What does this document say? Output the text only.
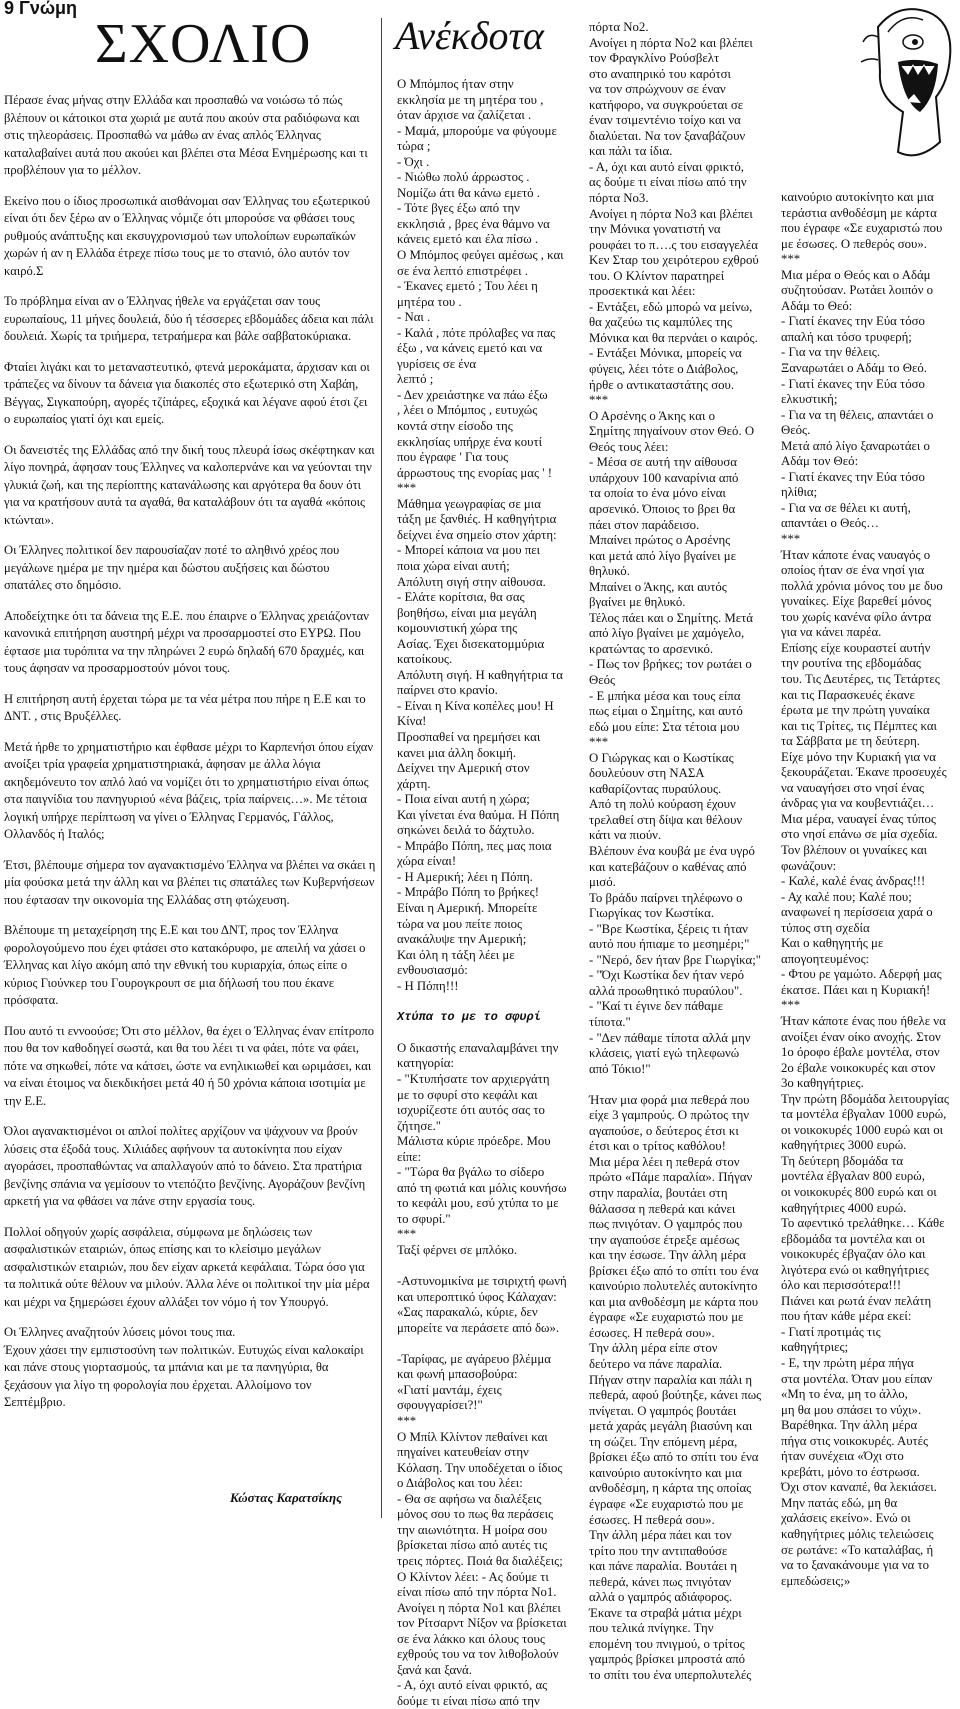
9 Γνώμη
ΣΧΟΛΙΟ

Πέρασε ένας μήνας στην Ελλάδα και προσπαθώ να νοιώσω τό πώς βλέπουν οι κάτοικοι στα χωριά με αυτά που ακούν στα ραδιόφωνα και στις τηλεοράσεις. Προσπαθώ να μάθω αν ένας απλός Έλληνας καταλαβαίνει αυτά που ακούει και βλέπει στα Μέσα Ενημέρωσης και τι προβλέπουν για το μέλλον.

Εκείνο που ο ίδιος προσωπικά αισθάνομαι σαν Έλληνας του εξωτερικού είναι ότι δεν ξέρω αν ο Έλληνας νόμιζε ότι μπορούσε να φθάσει τους ρυθμούς ανάπτυξης και εκσυγχρονισμού των υπολοίπων ευρωπαϊκών χωρών ή αν η Ελλάδα έτρεχε πίσω τους με το στανιό, όλο αυτόν τον καιρό.Σ

Το πρόβλημα είναι αν ο Έλληνας ήθελε να εργάζεται σαν τους ευρωπαίους, 11 μήνες δουλειά, δύο ή τέσσερες εβδομάδες άδεια και πάλι δουλειά. Χωρίς τα τριήμερα, τετραήμερα και βάλε σαββατοκύριακα.

Φταίει λιγάκι και το μεταναστευτικό, φτενά μεροκάματα, άρχισαν και οι τράπεζες να δίνουν τα δάνεια για διακοπές στο εξωτερικό στη Χαβάη, Βέγγας, Σιγκαπούρη, αγορές τζίπάρες, εξοχικά και λέγανε αφού έτσι ζει ο ευρωπαίος γιατί όχι και εμείς.

Οι δανειστές της Ελλάδας από την δική τους πλευρά ίσως σκέφτηκαν και λίγο πονηρά, άφησαν τους Έλληνες να καλοπερνάνε και να γεύονται την γλυκιά ζωή, και της περίοπτης κατανάλωσης και αργότερα θα δουν ότι για να κρατήσουν αυτά τα αγαθά, θα καταλάβουν ότι τα αγαθά «κόποις κτώνται».

Οι Έλληνες πολιτικοί δεν παρουσίαζαν ποτέ το αληθινό χρέος που μεγάλωνε ημέρα με την ημέρα και δώστου αυξήσεις και δώστου σπατάλες στο δημόσιο.

Αποδείχτηκε ότι τα δάνεια της Ε.Ε. που έπαιρνε ο Έλληνας χρειάζονταν κανονικά επιτήρηση αυστηρή μέχρι να προσαρμοστεί στο ΕΥΡΩ. Που έφτασε μια τυρόπιτα να την πληρώνει 2 ευρώ δηλαδή 670 δραχμές, και τους άφησαν να προσαρμοστούν μόνοι τους.

Η επιτήρηση αυτή έρχεται τώρα με τα νέα μέτρα που πήρε η Ε.Ε και το ΔΝΤ. , στις Βρυξέλλες.

Μετά ήρθε το χρηματιστήριο και έφθασε μέχρι το Καρπενήσι όπου είχαν ανοίξει τρία γραφεία χρηματιστηριακά, άφησαν με άλλα λόγια ακηδεμόνευτο τον απλό λαό να νομίζει ότι το χρηματιστήριο είναι όπως στα παιγνίδια του πανηγυριού «ένα βάζεις, τρία παίρνεις…». Με τέτοια λογική υπήρχε περίπτωση να γίνει ο Έλληνας Γερμανός, Γάλλος, Ολλανδός ή Ιταλός;

Έτσι, βλέπουμε σήμερα τον αγανακτισμένο Έλληνα να βλέπει να σκάει η μία φούσκα μετά την άλλη και να βλέπει τις σπατάλες των Κυβερνήσεων που έφτασαν την οικονομία της Ελλάδας στη φτώχευση.

Βλέπουμε τη μεταχείρηση της Ε.Ε και του ΔΝΤ, προς τον Έλληνα φορολογούμενο που έχει φτάσει στο κατακόρυφο, με απειλή να χάσει ο Έλληνας και λίγο ακόμη από την εθνική του κυριαρχία, όπως είπε ο κύριος Γιούνκερ του Γουρογκρουπ σε μια δήλωσή του που έκανε πρόσφατα.

Που αυτό τι εννοούσε; Ότι στο μέλλον, θα έχει ο Έλληνας έναν επίτροπο που θα τον καθοδηγεί σωστά, και θα του λέει τι να φάει, πότε να φάει, πότε να σηκωθεί, πότε να κάτσει, ώστε να ενηλικιωθεί και ωριμάσει, και να είναι έτοιμος να διεκδικήσει μετά 40 ή 50 χρόνια κάποια ισοτιμία με την Ε.Ε.

Όλοι αγανακτισμένοι οι απλοί πολίτες αρχίζουν να ψάχνουν να βρούν λύσεις στα έξοδά τους. Χιλιάδες αφήνουν τα αυτοκίνητα που είχαν αγοράσει, προσπαθώντας να απαλλαγούν από το δάνειο. Στα πρατήρια βενζίνης σπάνια να γεμίσουν το ντεπόζιτο βενζίνης. Αγοράζουν βενζίνη αρκετή για να φθάσει να πάνε στην εργασία τους.

Πολλοί οδηγούν χωρίς ασφάλεια, σύμφωνα με δηλώσεις των ασφαλιστικών εταιριών, όπως επίσης και το κλείσιμο μεγάλων ασφαλιστικών εταιριών, που δεν είχαν αρκετά κεφάλαια. Τώρα όσο για τα πολιτικά ούτε θέλουν να μιλούν. Άλλα λένε οι πολιτικοί την μία μέρα και μέχρι να ξημερώσει έχουν αλλάξει τον νόμο ή τον Υπουργό.

Οι Έλληνες αναζητούν λύσεις μόνοι τους πια.
Έχουν χάσει την εμπιστοσύνη των πολιτικών. Ευτυχώς είναι καλοκαίρι και πάνε στους γιορτασμούς, τα μπάνια και με τα πανηγύρια, θα ξεχάσουν για λίγο τη φορολογία που έρχεται. Αλλοίμονο τον Σεπτέμβριο.

Κώστας Καρατσίκης
Ανέκδοτα
Ο Μπόμπος ήταν στην
εκκλησία με τη μητέρα του ,
όταν άρχισε να ζαλίζεται .
- Μαμά, μπορούμε να φύγουμε
τώρα ;
- Όχι .
- Νιώθω πολύ άρρωστος .
Νομίζω άτι θα κάνω εμετό .
- Τότε βγες έξω από την
εκκλησιά , βρες ένα θάμνο να
κάνεις εμετό και έλα πίσω .
Ο Μπόμπος φεύγει αμέσως , και
σε ένα λεπτό επιστρέφει .
- Έκανες εμετό ; Του λέει η
μητέρα του .
- Ναι .
- Καλά , πότε πρόλαβες να πας
έξω , να κάνεις εμετό και να
γυρίσεις σε ένα
λεπτό ;
- Δεν χρειάστηκε να πάω έξω
, λέει ο Μπόμπος , ευτυχώς
κοντά στην είσοδο της
εκκλησίας υπήρχε ένα κουτί
που έγραφε ' Για τους
άρρωστους της ενορίας μας ' !
***
Μάθημα γεωγραφίας σε μια
τάξη με ξανθιές. Η καθηγήτρια
δείχνει ένα σημείο στον χάρτη:
- Μπορεί κάποια να μου πει
ποια χώρα είναι αυτή;
Απόλυτη σιγή στην αίθουσα.
- Ελάτε κορίτσια, θα σας
βοηθήσω, είναι μια μεγάλη
κομουνιστική χώρα της
Ασίας. Έχει δισεκατομμύρια
κατοίκους.
Απόλυτη σιγή. Η καθηγήτρια τα
παίρνει στο κρανίο.
- Είναι η Κίνα κοπέλες μου! Η
Κίνα!
Προσπαθεί να ηρεμήσει και
κανει μια άλλη δοκιμή.
Δείχνει την Αμερική στον
χάρτη.
- Ποια είναι αυτή η χώρα;
Και γίνεται ένα θαύμα. Η Πόπη
σηκώνει δειλά το δάχτυλο.
- Μπράβο Πόπη, πες μας ποια
χώρα είναι!
- Η Αμερική; λέει η Πόπη.
- Μπράβο Πόπη το βρήκες!
Είναι η Αμερική. Μπορείτε
τώρα να μου πείτε ποιος
ανακάλυψε την Αμερική;
Και όλη η τάξη λέει με
ενθουσιασμό:
- Η Πόπη!!!

Χτύπα το με το σφυρί

Ο δικαστής επαναλαμβάνει την
κατηγορία:
- "Κτυπήσατε τον αρχιεργάτη
με το σφυρί στο κεφάλι και
ισχυρίζεστε ότι αυτός σας το
ζήτησε."
Μάλιστα κύριε πρόεδρε. Μου
είπε:
- "Τώρα θα βγάλω το σίδερο
από τη φωτιά και μόλις κουνήσω
το κεφάλι μου, εσύ χτύπα το με
το σφυρί."
***
Ταξί φέρνει σε μπλόκο.

-Αστυνομικίνα με τσιριχτή φωνή
και υπεροπτικό ύφος Κάλαχαν:
«Σας παρακαλώ, κύριε, δεν
μπορείτε να περάσετε από δω».

-Ταρίφας, με αγάρευο βλέμμα
και φωνή μπασοβούρα:
«Γιατί μαντάμ, έχεις
σφουγγαρίσει?!"
***
Ο Μπίλ Κλίντον πεθαίνει και
πηγαίνει κατευθείαν στην
Κόλαση. Την υποδέχεται ο ίδιος
ο Διάβολος και του λέει:
- Θα σε αφήσω να διαλέξεις
μόνος σου το πως θα περάσεις
την αιωνιότητα. Η μοίρα σου
βρίσκεται πίσω από αυτές τις
τρεις πόρτες. Ποιά θα διαλέξεις;
Ο Κλίντον λέει: - Ας δούμε τι
είναι πίσω από την πόρτα Νο1.
Ανοίγει η πόρτα Νο1 και βλέπει
τον Ρίτσαρντ Νίξον να βρίσκεται
σε ένα λάκκο και όλους τους
εχθρούς του να τον λιθοβολούν
ξανά και ξανά.
- Α, όχι αυτό είναι φρικτό, ας
δούμε τι είναι πίσω από την
πόρτα Νο2.
Ανοίγει η πόρτα Νο2 και βλέπει
τον Φραγκλίνο Ρούσβελτ
στο αναπηρικό του καρότσι
να τον σπρώχνουν σε έναν
κατήφορο, να συγκρούεται σε
έναν τσιμεντένιο τοίχο και να
διαλύεται. Να τον ξαναβάζουν
και πάλι τα ίδια.
- Α, όχι και αυτό είναι φρικτό,
ας δούμε τι είναι πίσω από την
πόρτα Νο3.
Ανοίγει η πόρτα Νο3 και βλέπει
την Μόνικα γονατιστή να
ρουφάει το π….ς του εισαγγελέα
Κεν Σταρ του χειρότερου εχθρού
του. Ο Κλίντον παρατηρεί
προσεκτικά και λέει:
- Εντάξει, εδώ μπορώ να μείνω,
θα χαζεύω τις καμπύλες της
Μόνικα και θα περνάει ο καιρός.
- Εντάξει Μόνικα, μπορείς να
φύγεις, λέει τότε ο Διάβολος,
ήρθε ο αντικαταστάτης σου.
***
Ο Αρσένης ο Άκης και ο
Σημίτης πηγαίνουν στον Θεό. Ο
Θεός τους λέει:
- Μέσα σε αυτή την αίθουσα
υπάρχουν 100 καναρίνια από
τα οποία το ένα μόνο είναι
αρσενικό. Όποιος το βρει θα
πάει στον παράδεισο.
Μπαίνει πρώτος ο Αρσένης
και μετά από λίγο βγαίνει με
θηλυκό.
Μπαίνει ο Άκης, και αυτός
βγαίνει με θηλυκό.
Τέλος πάει και ο Σημίτης. Μετά
από λίγο βγαίνει με χαμόγελο,
κρατώντας το αρσενικό.
- Πως τον βρήκες; τον ρωτάει ο
Θεός
- Ε μπήκα μέσα και τους είπα
πως είμαι ο Σημίτης, και αυτό
εδώ μου είπε: Στα τέτοια μου
***
Ο Γιώργκας και ο Κωστίκας
δουλεύουν στη ΝΑΣΑ
καθαρίζοντας πυραύλους.
Από τη πολύ κούραση έχουν
τρελαθεί στη δίψα και θέλουν
κάτι να πιούν.
Βλέπουν ένα κουβά με ένα υγρό
και κατεβάζουν ο καθένας από
μισό.
Το βράδυ παίρνει τηλέφωνο ο
Γιωργίκας τον Κωστίκα.
- "Βρε Κωστίκα, ξέρεις τι ήταν
αυτό που ήπιαμε το μεσημέρι;"
- "Νερό, δεν ήταν βρε Γιωργίκα;"
- "Όχι Κωστίκα δεν ήταν νερό
αλλά προωθητικό πυραύλου".
- "Καί τι έγινε δεν πάθαμε
τίποτα."
- "Δεν πάθαμε τίποτα αλλά μην
κλάσεις, γιατί εγώ τηλεφωνώ
από Τόκιο!"

Ήταν μια φορά μια πεθερά που
είχε 3 γαμπρούς. Ο πρώτος την
αγαπούσε, ο δεύτερος έτσι κι
έτσι και ο τρίτος καθόλου!
Μια μέρα λέει η πεθερά στον
πρώτο «Πάμε παραλία». Πήγαν
στην παραλία, βουτάει στη
θάλασσα η πεθερά και κάνει
πως πνιγόταν. Ο γαμπρός που
την αγαπούσε έτρεξε αμέσως
και την έσωσε. Την άλλη μέρα
βρίσκει έξω από το σπίτι του ένα
καινούριο πολυτελές αυτοκίνητο
και μια ανθοδέσμη με κάρτα που
έγραφε «Σε ευχαριστώ που με
έσωσες. Η πεθερά σου».
Την άλλη μέρα είπε στον
δεύτερο να πάνε παραλία.
Πήγαν στην παραλία και πάλι η
πεθερά, αφού βούτηξε, κάνει πως
πνίγεται. Ο γαμπρός βουτάει
μετά χαράς μεγάλη βιασύνη και
τη σώζει. Την επόμενη μέρα,
βρίσκει έξω από το σπίτι του ένα
καινούριο αυτοκίνητο και μια
ανθοδέσμη, η κάρτα της οποίας
έγραφε «Σε ευχαριστώ που με
έσωσες. Η πεθερά σου».
Την άλλη μέρα πάει και τον
τρίτο που την αντιπαθούσε
και πάνε παραλία. Βουτάει η
πεθερά, κάνει πως πνιγόταν
αλλά ο γαμπρός αδιάφορος.
Έκανε τα στραβά μάτια μέχρι
που τελικά πνίγηκε. Την
επομένη του πνιγμού, ο τρίτος
γαμπρός βρίσκει μπροστά από
το σπίτι του ένα υπερπολυτελές
καινούριο αυτοκίνητο και μια
τεράστια ανθοδέσμη με κάρτα
που έγραφε «Σε ευχαριστώ που
με έσωσες. Ο πεθερός σου».
***
Μια μέρα ο Θεός και ο Αδάμ
συζητούσαν. Ρωτάει λοιπόν ο
Αδάμ το Θεό:
- Γιατί έκανες την Εύα τόσο
απαλή και τόσο τρυφερή;
- Για να την θέλεις.
Ξαναρωτάει ο Αδάμ το Θεό.
- Γιατί έκανες την Εύα τόσο
ελκυστική;
- Για να τη θέλεις, απαντάει ο
Θεός.
Μετά από λίγο ξαναρωτάει ο
Αδάμ τον Θεό:
- Γιατί έκανες την Εύα τόσο
ηλίθια;
- Για να σε θέλει κι αυτή,
απαντάει ο Θεός…
***
Ήταν κάποτε ένας ναυαγός ο
οποίος ήταν σε ένα νησί για
πολλά χρόνια μόνος του με δυο
γυναίκες. Είχε βαρεθεί μόνος
του χωρίς κανένα φίλο άντρα
για να κάνει παρέα.
Επίσης είχε κουραστεί αυτήν
την ρουτίνα της εβδομάδας
του. Τις Δευτέρες, τις Τετάρτες
και τις Παρασκευές έκανε
έρωτα με την πρώτη γυναίκα
και τις Τρίτες, τις Πέμπτες και
τα Σάββατα με τη δεύτερη.
Είχε μόνο την Κυριακή για να
ξεκουράζεται. Έκανε προσευχές
να ναυαγήσει στο νησί ένας
άνδρας για να κουβεντιάζει…
Μια μέρα, ναυαγεί ένας τύπος
στο νησί επάνω σε μία σχεδία.
Τον βλέπουν οι γυναίκες και
φωνάζουν:
- Καλέ, καλέ ένας άνδρας!!!
- Αχ καλέ που; Καλέ που;
αναφωνεί η περίσσεια χαρά ο
τύπος στη σχεδία
Και ο καθηγητής με
απογοητευμένος:
- Φτου ρε γαμώτο. Αδερφή μας
έκατσε. Πάει και η Κυριακή!
***
Ήταν κάποτε ένας που ήθελε να
ανοίξει έναν οίκο ανοχής. Στον
1ο όροφο έβαλε μοντέλα, στον
2ο έβαλε νοικοκυρές και στον
3ο καθηγήτριες.
Την πρώτη βδομάδα λειτουργίας
τα μοντέλα έβγαλαν 1000 ευρώ,
οι νοικοκυρές 1000 ευρώ και οι
καθηγήτριες 3000 ευρώ.
Τη δεύτερη βδομάδα τα
μοντέλα έβγαλαν 800 ευρώ,
οι νοικοκυρές 800 ευρώ και οι
καθηγήτριες 4000 ευρώ.
Το αφεντικό τρελάθηκε… Κάθε
εβδομάδα τα μοντέλα και οι
νοικοκυρές έβγαζαν όλο και
λιγότερα ενώ οι καθηγήτριες
όλο και περισσότερα!!!
Πιάνει και ρωτά έναν πελάτη
που ήταν κάθε μέρα εκεί:
- Γιατί προτιμάς τις
καθηγήτριες;
- Ε, την πρώτη μέρα πήγα
στα μοντέλα. Όταν μου είπαν
«Μη το ένα, μη το άλλο,
μη θα μου σπάσει το νύχι».
Βαρέθηκα. Την άλλη μέρα
πήγα στις νοικοκυρές. Αυτές
ήταν συνέχεια «Όχι στο
κρεβάτι, μόνο το έστρωσα.
Όχι στον καναπέ, θα λεκιάσει.
Μην πατάς εδώ, μη θα
χαλάσεις εκείνο». Ενώ οι
καθηγήτριες μόλις τελειώσεις
σε ρωτάνε: «Το καταλάβας, ή
να το ξανακάνουμε για να το
εμπεδώσεις;»
